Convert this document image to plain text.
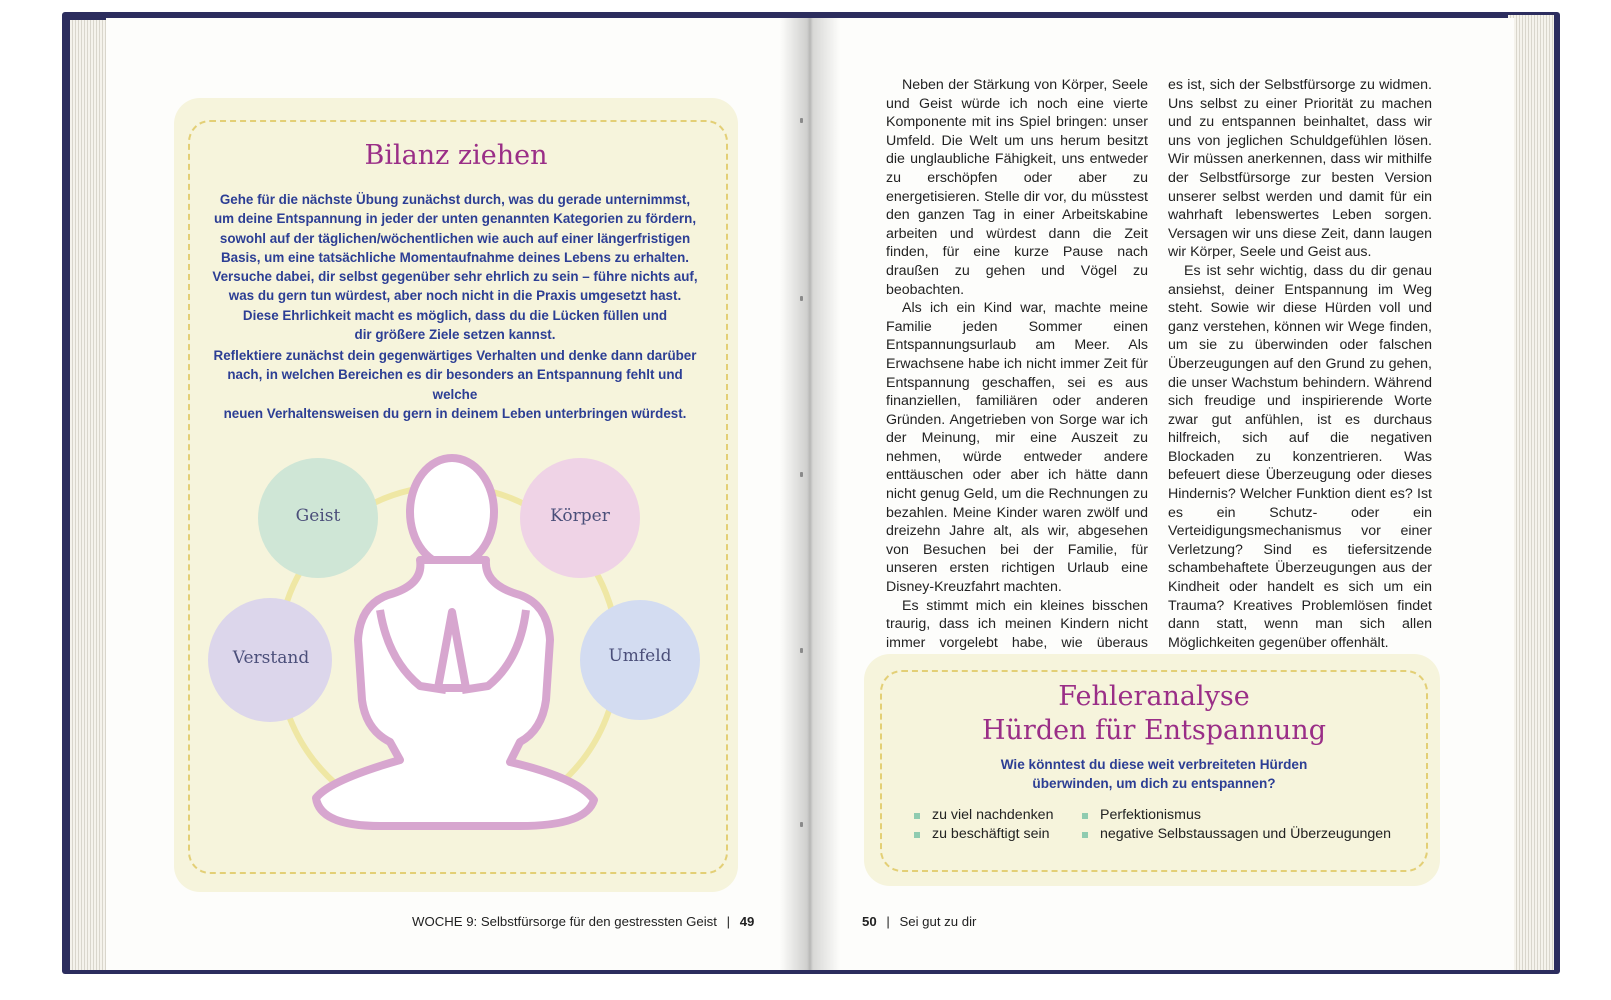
Bilanz ziehen
Gehe für die nächste Übung zunächst durch, was du gerade unternimmst,
um deine Entspannung in jeder der unten genannten Kategorien zu fördern,
sowohl auf der täglichen/wöchentlichen wie auch auf einer längerfristigen
Basis, um eine tatsächliche Momentaufnahme deines Lebens zu erhalten.
Versuche dabei, dir selbst gegenüber sehr ehrlich zu sein – führe nichts auf,
was du gern tun würdest, aber noch nicht in die Praxis umgesetzt hast.
Diese Ehrlichkeit macht es möglich, dass du die Lücken füllen und
dir größere Ziele setzen kannst.
Reflektiere zunächst dein gegenwärtiges Verhalten und denke dann darüber
nach, in welchen Bereichen es dir besonders an Entspannung fehlt und welche
neuen Verhaltensweisen du gern in deinem Leben unterbringen würdest.
Geist	Körper
Verstand	Umfeld
WOCHE 9: Selbstfürsorge für den gestressten Geist | 49

Neben der Stärkung von Körper, Seele und Geist würde ich noch eine vierte Komponente mit ins Spiel bringen: unser Umfeld. Die Welt um uns herum besitzt die unglaubliche Fähigkeit, uns entweder zu erschöpfen oder aber zu energetisieren. Stelle dir vor, du müsstest den ganzen Tag in einer Arbeitskabine arbeiten und würdest dann die Zeit finden, für eine kurze Pause nach draußen zu gehen und Vögel zu beobachten.

Als ich ein Kind war, machte meine Familie jeden Sommer einen Entspannungsurlaub am Meer. Als Erwachsene habe ich nicht immer Zeit für Entspannung geschaffen, sei es aus finanziellen, familiären oder anderen Gründen. Angetrieben von Sorge war ich der Meinung, mir eine Auszeit zu nehmen, würde entweder andere enttäuschen oder aber ich hätte dann nicht genug Geld, um die Rechnungen zu bezahlen. Meine Kinder waren zwölf und dreizehn Jahre alt, als wir, abgesehen von Besuchen bei der Familie, für unseren ersten richtigen Urlaub eine Disney-Kreuzfahrt machten.

Es stimmt mich ein kleines bisschen traurig, dass ich meinen Kindern nicht immer vorgelebt habe, wie überaus

es ist, sich der Selbstfürsorge zu widmen. Uns selbst zu einer Priorität zu machen und zu entspannen beinhaltet, dass wir uns von jeglichen Schuldgefühlen lösen. Wir müssen anerkennen, dass wir mithilfe der Selbstfürsorge zur besten Version unserer selbst werden und damit für ein wahrhaft lebenswertes Leben sorgen. Versagen wir uns diese Zeit, dann laugen wir Körper, Seele und Geist aus.

Es ist sehr wichtig, dass du dir genau ansiehst, deiner Entspannung im Weg steht. Sowie wir diese Hürden voll und ganz verstehen, können wir Wege finden, um sie zu überwinden oder falschen Überzeugungen auf den Grund zu gehen, die unser Wachstum behindern. Während sich freudige und inspirierende Worte zwar gut anfühlen, ist es durchaus hilfreich, sich auf die negativen Blockaden zu konzentrieren. Was befeuert diese Überzeugung oder dieses Hindernis? Welcher Funktion dient es? Ist es ein Schutz- oder ein Verteidigungsmechanismus vor einer Verletzung? Sind es tiefersitzende schambehaftete Überzeugungen aus der Kindheit oder handelt es sich um ein Trauma? Kreatives Problemlösen findet dann statt, wenn man sich allen Möglichkeiten gegenüber offenhält.

Fehleranalyse
Hürden für Entspannung
Wie könntest du diese weit verbreiteten Hürden
überwinden, um dich zu entspannen?
zu viel nachdenken
zu beschäftigt sein
Perfektionismus
negative Selbstaussagen und Überzeugungen
50 | Sei gut zu dir
